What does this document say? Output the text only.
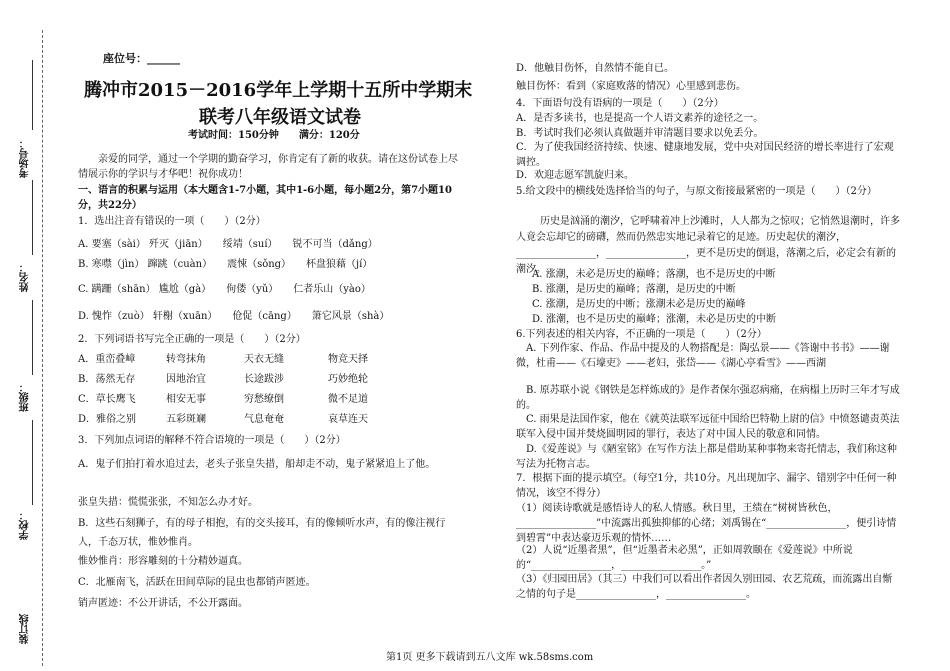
考场号：
姓名：
班级：
学校：
装订线
座位号：______
腾冲市2015－2016学年上学期十五所中学期末
联考八年级语文试卷
考试时间：150分钟　　满分：120分
亲爱的同学，通过一个学期的勤奋学习，你肯定有了新的收获。请在这份试卷上尽情展示你的学识与才华吧！祝你成功！
一、语言的积累与运用（本大题含1-7小题，其中1-6小题，每小题2分，第7小题10分，共22分）
1．选出注音有错误的一项（　　）（2分）
A. 要塞（sài） 歼灭（jiān）　　绥靖（suí）　　锐不可当（dǎng）
B. 寒噤（jìn） 蹿跳（cuàn）　　震悚（sǒng）　　杯盘狼藉（jí）
C. 蹒跚（shān） 尴尬（gà）　　佝偻（yǔ）　　仁者乐山（yào）
D. 愧怍（zuò） 轩榭（xuān）　　伧促（cāng）　　箫它风景（shà）
2．下列词语书写完全正确的一项是（　　）（2分）
A．重峦叠嶂	转弯抹角	天衣无缝	物竞天择
B．荡然无存	因地治宜	长途跋涉	巧妙绝轮
C．草长鹰飞	相安无事	穷愁缭倒	微不足道
D．雅俗之别	五彩斑斓	气息奄奄	哀草连天
3．下列加点词语的解释不符合语境的一项是（　　）（2分）
A．鬼子们拍打着水追过去，老头子张皇失措，船却走不动，鬼子紧紧追上了他。
张皇失措：慌慌张张，不知怎么办才好。
B．这些石刻狮子，有的母子相抱，有的交头接耳，有的像倾听水声，有的像注视行人，千态万状，惟妙惟肖。
惟妙惟肖：形容雕刻的十分精妙逼真。
C．北雁南飞，活跃在田间草际的昆虫也都销声匿迹。
销声匿迹：不公开讲话，不公开露面。
D．他触目伤怀，自然情不能自已。
触目伤怀：看到（家庭败落的情况）心里感到悲伤。
4．下面语句没有语病的一项是（　　）（2分）
A．是否多读书，也是提高一个人语文素养的途径之一。
B．考试时我们必须认真做题并审清题目要求以免丢分。
C．为了使我国经济持续、快速、健康地发展，党中央对国民经济的增长率进行了宏观调控。
D．欢迎志愿军凯旋归来。
5.给文段中的横线处选择恰当的句子，与原文衔接最紧密的一项是（　　）（2分）
历史是汹涌的潮汐，它呼啸着冲上沙滩时，人人都为之惊叹；它悄然退潮时，许多人竟会忘却它的磅礴，然而仍然忠实地记录着它的足迹。历史起伏的潮汐，________________，________________，更不是历史的倒退，落潮之后，必定会有新的潮汐。
A. 涨潮，未必是历史的巅峰；落潮，也不是历史的中断
B. 涨潮，是历史的巅峰；落潮，是历史的中断
C. 涨潮，是历史的中断；涨潮未必是历史的巅峰
D. 涨潮，也不是历史的巅峰；涨潮，未必是历史的中断
6.下列表述的相关内容，不正确的一项是（　　）（2分）
A. 下列作家、作品、作品中提及的人物搭配是：陶弘景——《答谢中书书》——谢微，杜甫——《石壕吏》——老妇，张岱——《湖心亭看雪》——西湖
B. 原苏联小说《钢铁是怎样炼成的》是作者保尔强忍病痛，在病榻上历时三年才写成的。
C. 雨果是法国作家，他在《就英法联军远征中国给巴特勒上尉的信》中愤怒谴责英法联军入侵中国并焚烧圆明园的罪行，表达了对中国人民的敬意和同情。
D.《爱莲说》与《陋室铭》在写作方法上都是借助某种事物来寄托情志，我们称这种写法为托物言志。
7．根据下面的提示填空。（每空1分，共10分。凡出现加字、漏字、错别字中任何一种情况，该空不得分）
（1）阅读诗歌就是感悟诗人的私人情感。秋日里，王绩在“树树皆秋色，________________”中流露出孤独抑郁的心绪；刘禹锡在“________________，便引诗情到碧霄”中表达豪迈乐观的情怀……
（2）人说“近墨者黑”，但“近墨者未必黑”，正如周敦颐在《爱莲说》中所说的“________________，________________。”
（3）《归园田居》（其三）中我们可以看出作者因久别田园、农艺荒疏，而流露出自惭之情的句子是________________，________________。
第1页 更多下载请到五八文库 wk.58sms.com
